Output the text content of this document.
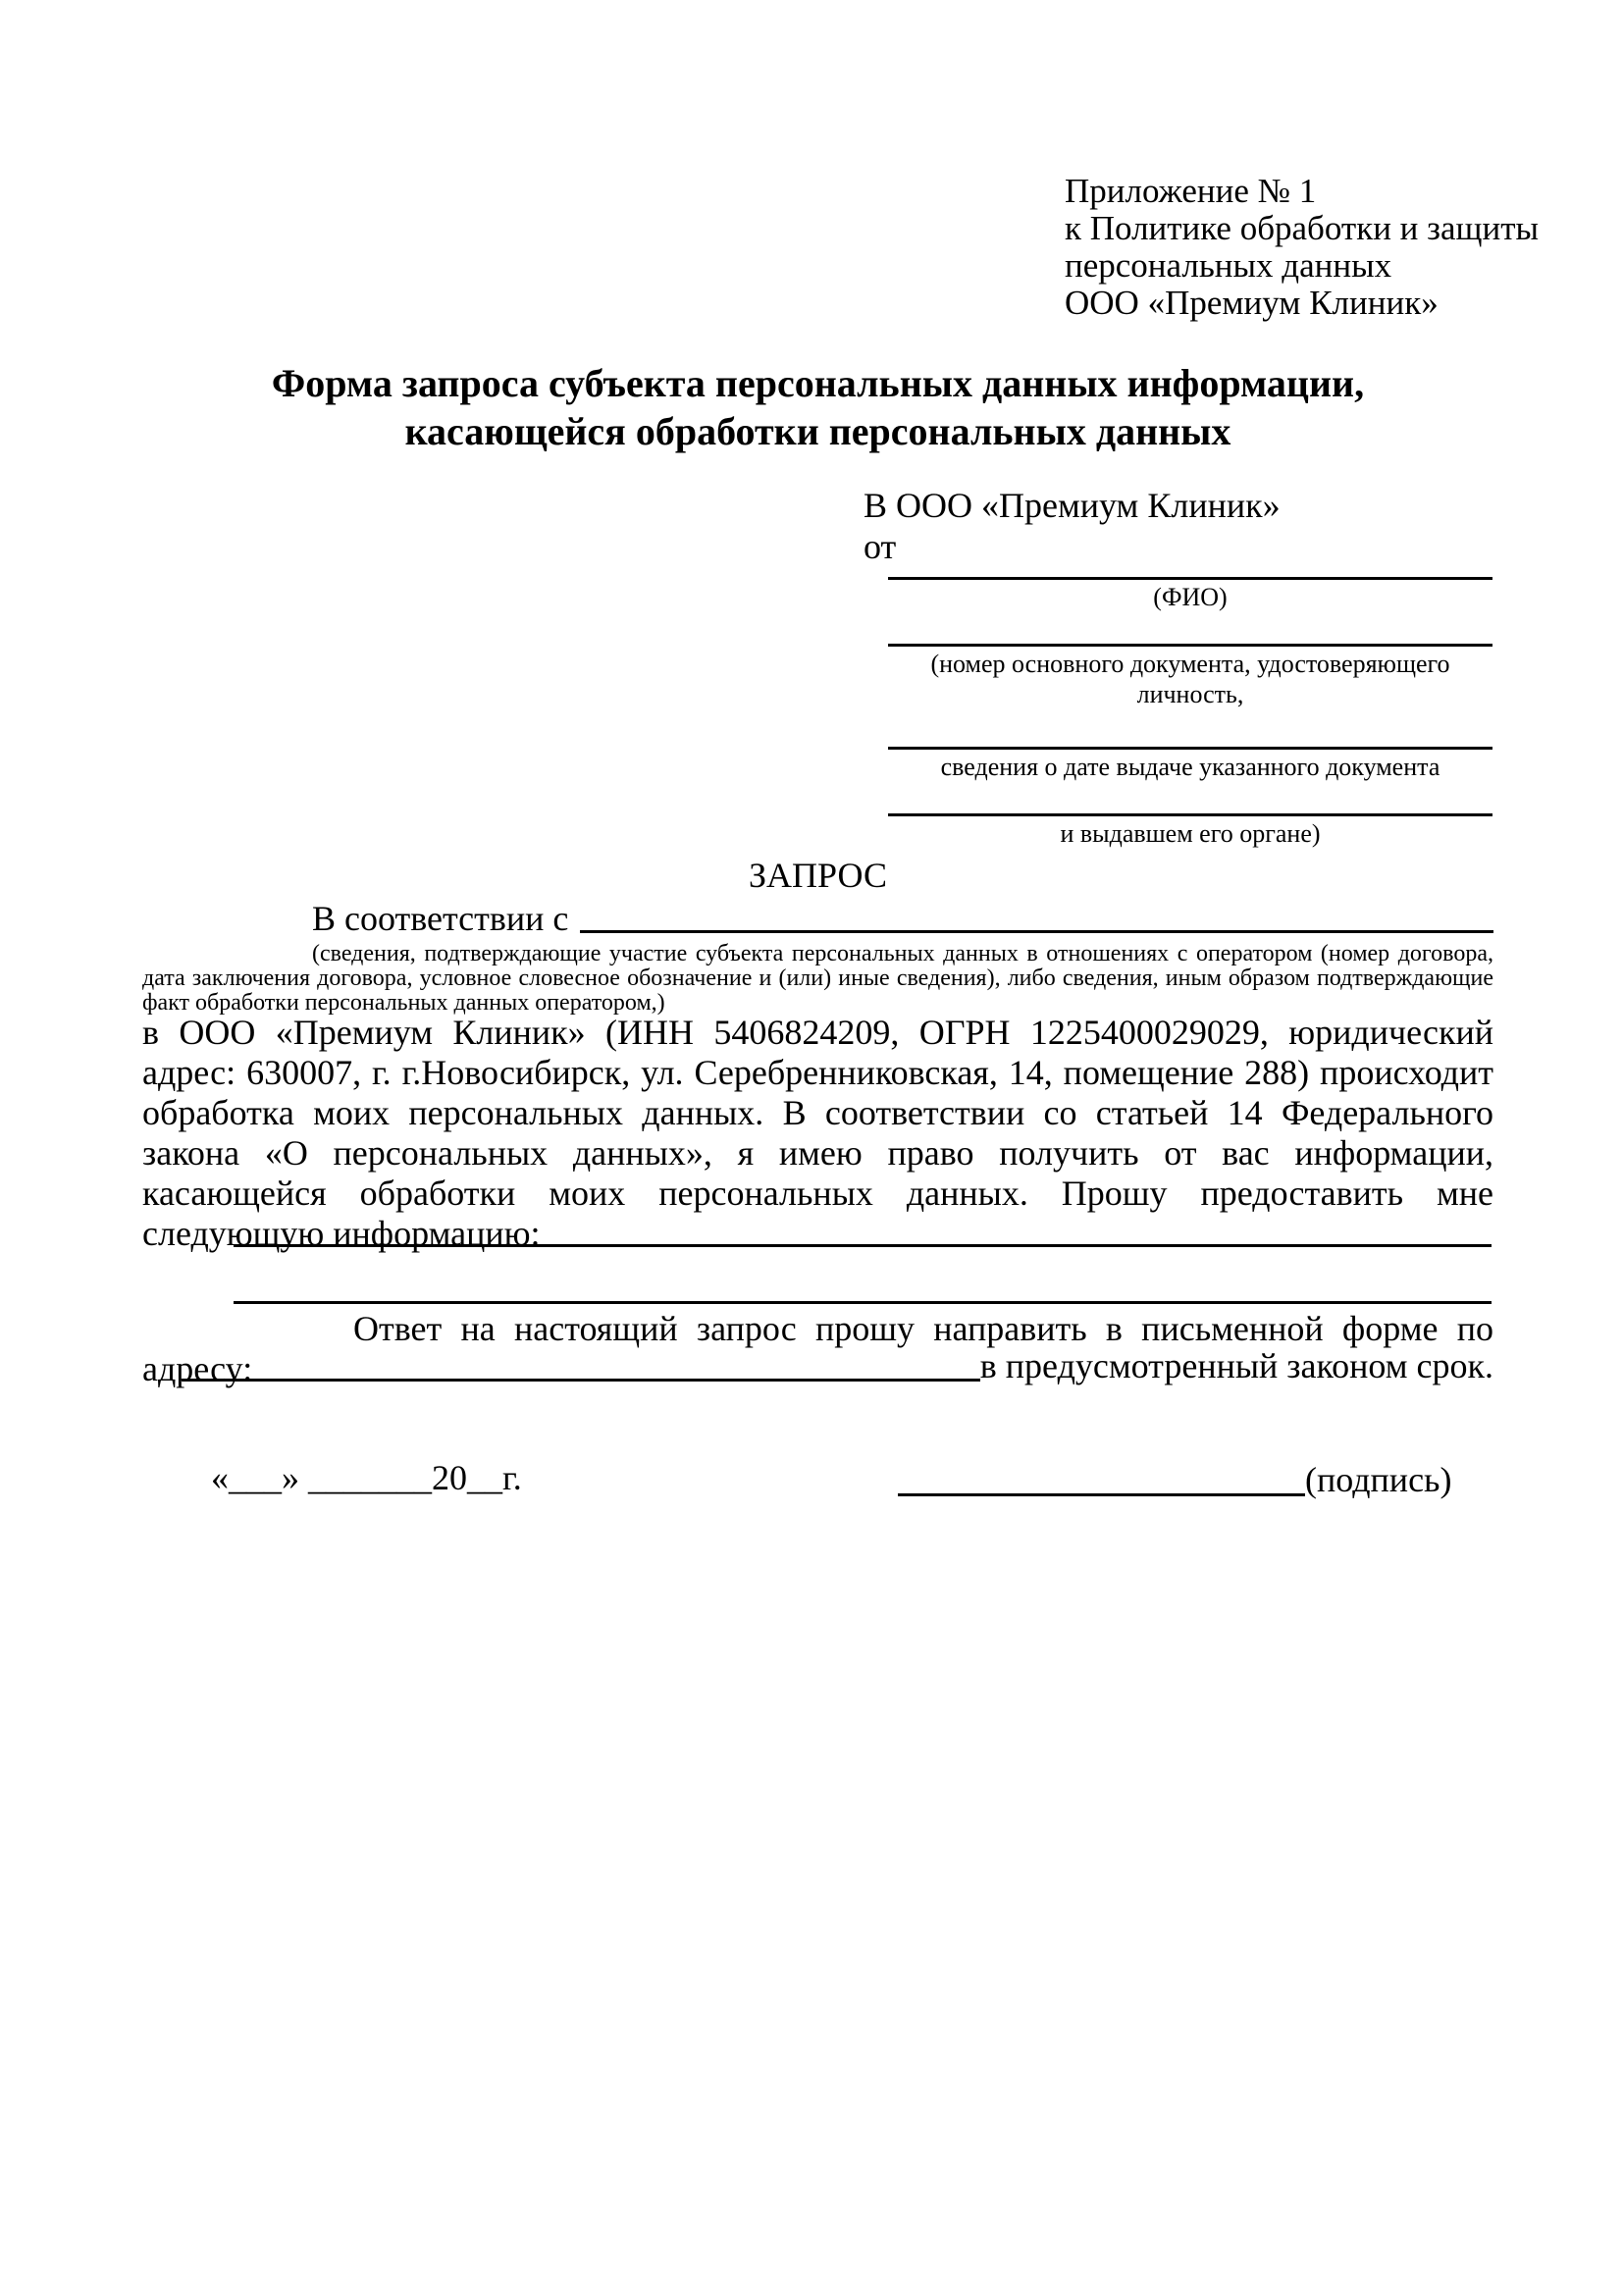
Приложение № 1
к Политике обработки и защиты
персональных данных
ООО «Премиум Клиник»
Форма запроса субъекта персональных данных информации,
касающейся обработки персональных данных
В ООО «Премиум Клиник»
от
(ФИО)
(номер основного документа, удостоверяющего личность,
сведения о дате выдаче указанного документа
и выдавшем его органе)
ЗАПРОС
В соответствии с
(сведения, подтверждающие участие субъекта персональных данных в отношениях с оператором (номер договора, дата заключения договора, условное словесное обозначение и (или) иные сведения), либо сведения, иным образом подтверждающие факт обработки персональных данных оператором,)
в ООО «Премиум Клиник» (ИНН 5406824209, ОГРН 1225400029029, юридический адрес: 630007, г. г.Новосибирск, ул. Серебренниковская, 14, помещение 288) происходит обработка моих персональных данных. В соответствии со статьей 14 Федерального закона «О персональных данных», я имею право получить от вас информации, касающейся обработки моих персональных данных. Прошу предоставить мне следующую информацию:
Ответ на настоящий запрос прошу направить в письменной форме по адресу:	в предусмотренный законом срок.
«___» _______20__г.	(подпись)
